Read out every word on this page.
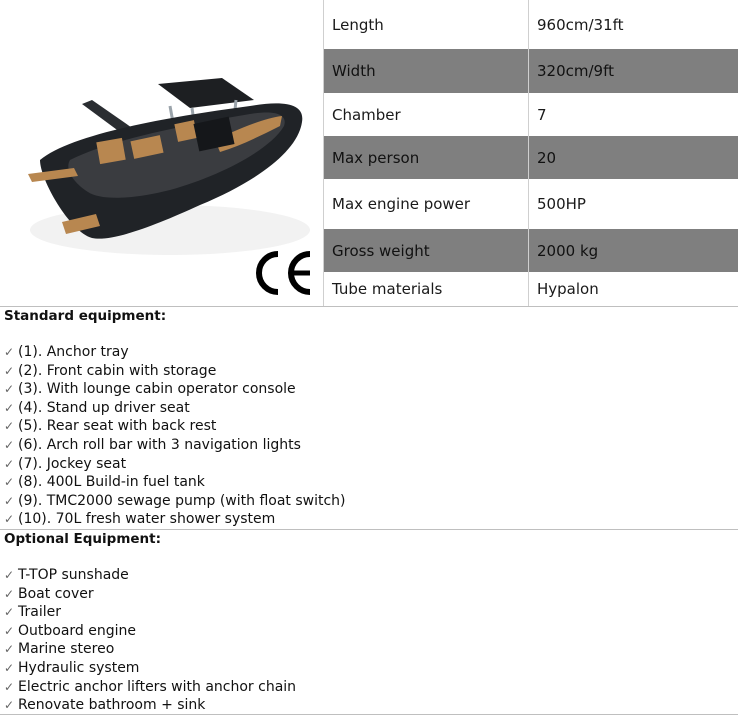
Length	960cm/31ft
Width	320cm/9ft
Chamber	7
Max person	20
Max engine power	500HP
Gross weight	2000 kg
Tube materials	Hypalon
Standard equipment:
✓ (1). Anchor tray
✓ (2). Front cabin with storage
✓ (3). With lounge cabin operator console
✓ (4). Stand up driver seat
✓ (5). Rear seat with back rest
✓ (6). Arch roll bar with 3 navigation lights
✓ (7). Jockey seat
✓ (8). 400L Build-in fuel tank
✓ (9). TMC2000 sewage pump (with float switch)
✓ (10). 70L fresh water shower system
Optional Equipment:
✓ T-TOP sunshade
✓ Boat cover
✓ Trailer
✓ Outboard engine
✓ Marine stereo
✓ Hydraulic system
✓ Electric anchor lifters with anchor chain
✓ Renovate bathroom + sink
